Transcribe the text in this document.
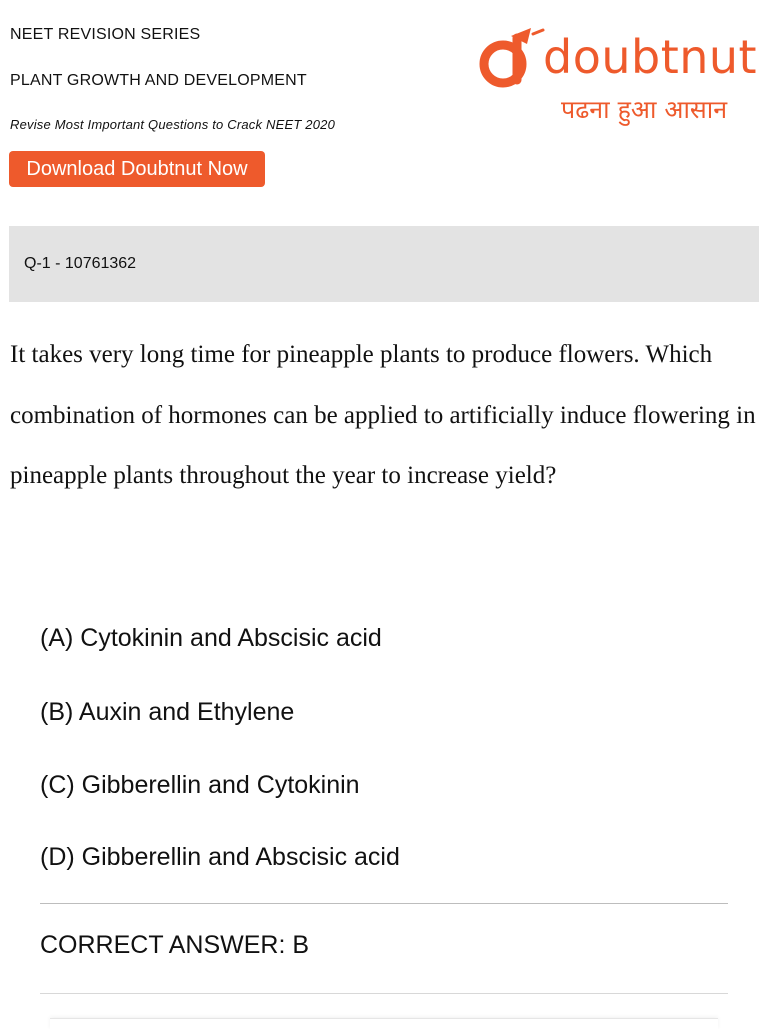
NEET REVISION SERIES
PLANT GROWTH AND DEVELOPMENT
Revise Most Important Questions to Crack NEET 2020
Download Doubtnut Now
doubtnut
पढना हुआ आसान
Q-1 - 10761362
It takes very long time for pineapple plants to produce flowers. Which combination of hormones can be applied to artificially induce flowering in pineapple plants throughout the year to increase yield?
(A) Cytokinin and Abscisic acid
(B) Auxin and Ethylene
(C) Gibberellin and Cytokinin
(D) Gibberellin and Abscisic acid
CORRECT ANSWER: B
